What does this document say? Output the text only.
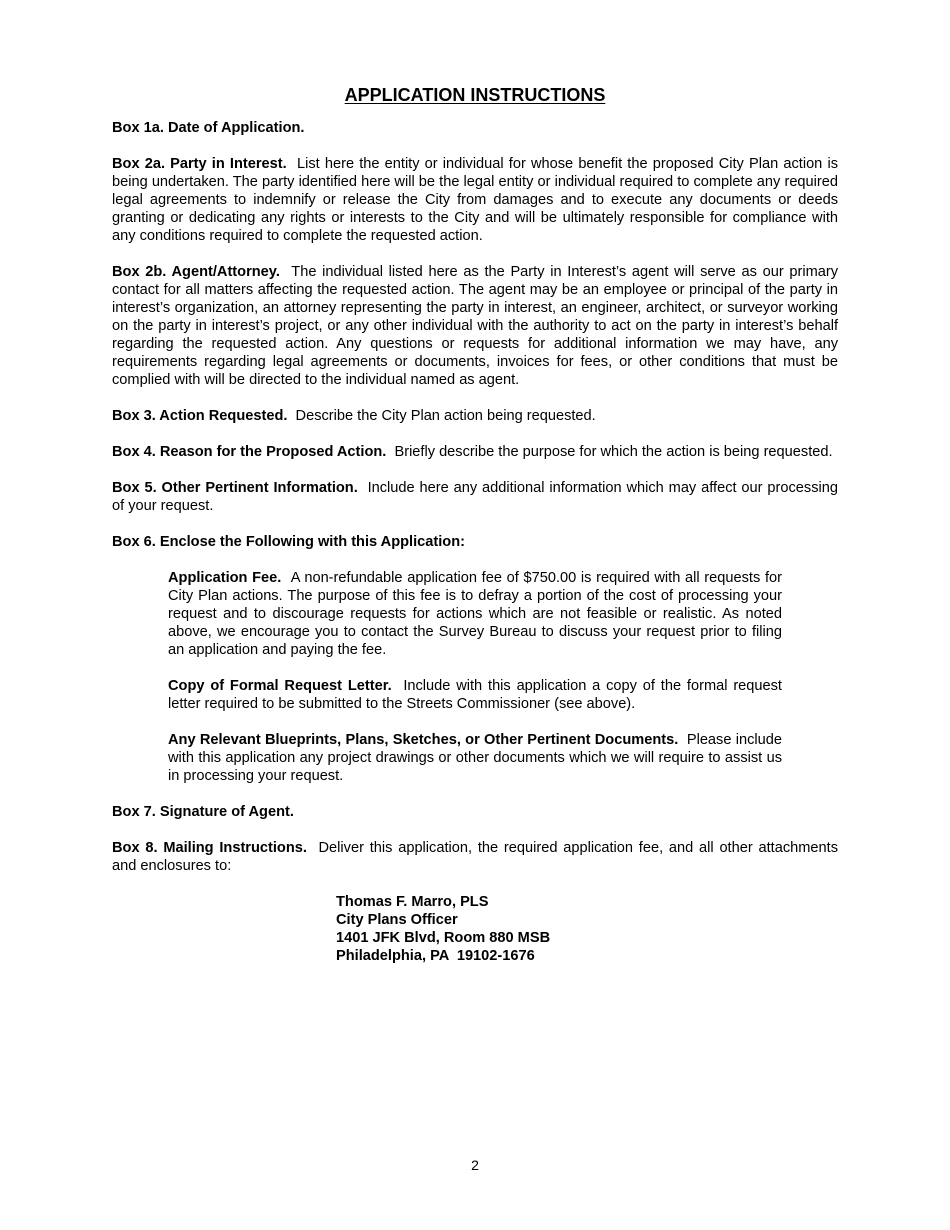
APPLICATION INSTRUCTIONS

Box 1a. Date of Application.

Box 2a. Party in Interest. List here the entity or individual for whose benefit the proposed City Plan action is being undertaken. The party identified here will be the legal entity or individual required to complete any required legal agreements to indemnify or release the City from damages and to execute any documents or deeds granting or dedicating any rights or interests to the City and will be ultimately responsible for compliance with any conditions required to complete the requested action.

Box 2b. Agent/Attorney. The individual listed here as the Party in Interest’s agent will serve as our primary contact for all matters affecting the requested action. The agent may be an employee or principal of the party in interest’s organization, an attorney representing the party in interest, an engineer, architect, or surveyor working on the party in interest’s project, or any other individual with the authority to act on the party in interest’s behalf regarding the requested action. Any questions or requests for additional information we may have, any requirements regarding legal agreements or documents, invoices for fees, or other conditions that must be complied with will be directed to the individual named as agent.

Box 3. Action Requested. Describe the City Plan action being requested.

Box 4. Reason for the Proposed Action. Briefly describe the purpose for which the action is being requested.

Box 5. Other Pertinent Information. Include here any additional information which may affect our processing of your request.

Box 6. Enclose the Following with this Application:

Application Fee. A non-refundable application fee of $750.00 is required with all requests for City Plan actions. The purpose of this fee is to defray a portion of the cost of processing your request and to discourage requests for actions which are not feasible or realistic. As noted above, we encourage you to contact the Survey Bureau to discuss your request prior to filing an application and paying the fee.

Copy of Formal Request Letter. Include with this application a copy of the formal request letter required to be submitted to the Streets Commissioner (see above).

Any Relevant Blueprints, Plans, Sketches, or Other Pertinent Documents. Please include with this application any project drawings or other documents which we will require to assist us in processing your request.

Box 7. Signature of Agent.

Box 8. Mailing Instructions. Deliver this application, the required application fee, and all other attachments and enclosures to:

Thomas F. Marro, PLS
City Plans Officer
1401 JFK Blvd, Room 880 MSB
Philadelphia, PA  19102-1676
2
